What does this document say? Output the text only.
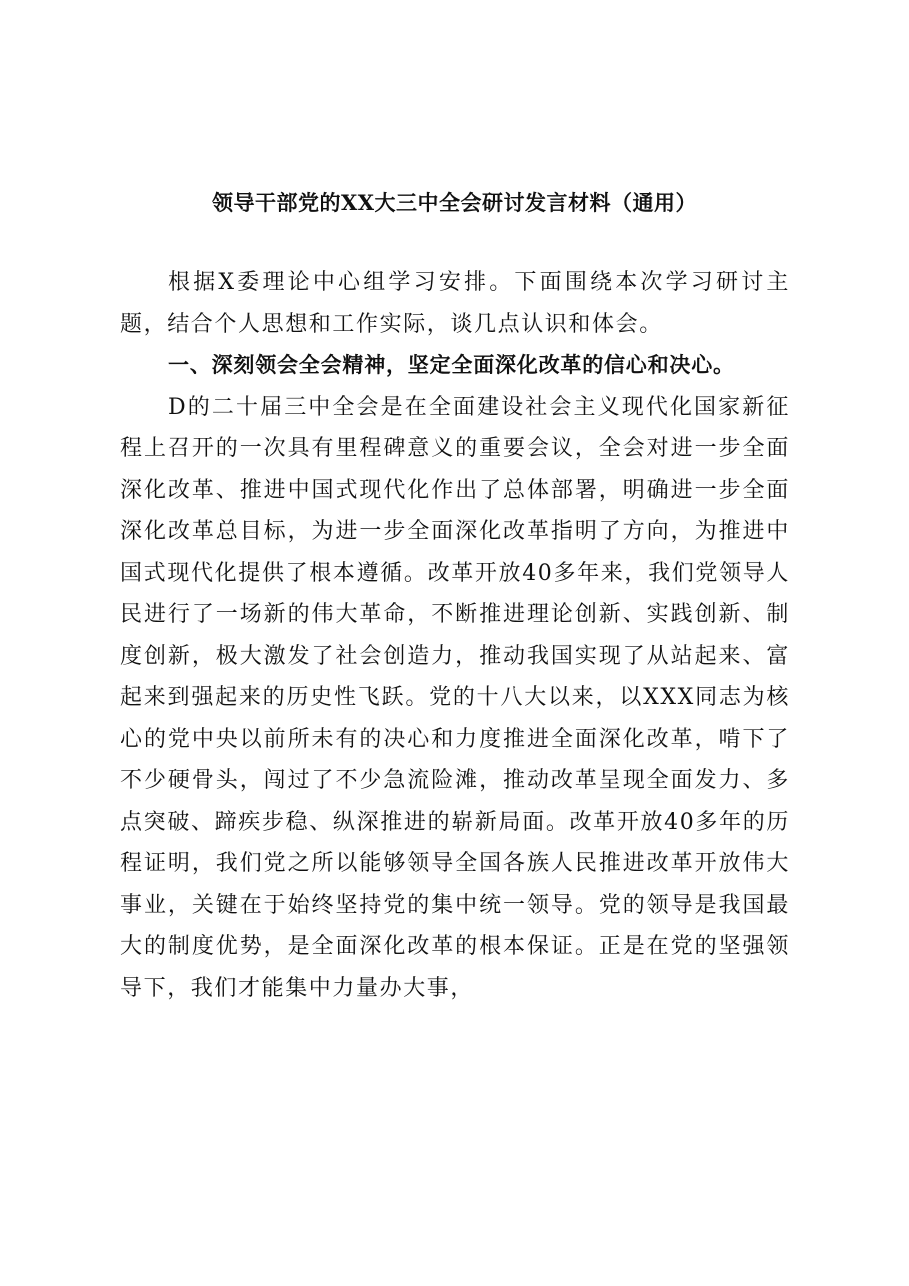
领导干部党的XX大三中全会研讨发言材料（通用）

根据X委理论中心组学习安排。下面围绕本次学习研讨主题，结合个人思想和工作实际，谈几点认识和体会。

一、深刻领会全会精神，坚定全面深化改革的信心和决心。

D的二十届三中全会是在全面建设社会主义现代化国家新征程上召开的一次具有里程碑意义的重要会议，全会对进一步全面深化改革、推进中国式现代化作出了总体部署，明确进一步全面深化改革总目标，为进一步全面深化改革指明了方向，为推进中国式现代化提供了根本遵循。改革开放40多年来，我们党领导人民进行了一场新的伟大革命，不断推进理论创新、实践创新、制度创新，极大激发了社会创造力，推动我国实现了从站起来、富起来到强起来的历史性飞跃。党的十八大以来，以XXX同志为核心的党中央以前所未有的决心和力度推进全面深化改革，啃下了不少硬骨头，闯过了不少急流险滩，推动改革呈现全面发力、多点突破、蹄疾步稳、纵深推进的崭新局面。改革开放40多年的历程证明，我们党之所以能够领导全国各族人民推进改革开放伟大事业，关键在于始终坚持党的集中统一领导。党的领导是我国最大的制度优势，是全面深化改革的根本保证。正是在党的坚强领导下，我们才能集中力量办大事，
